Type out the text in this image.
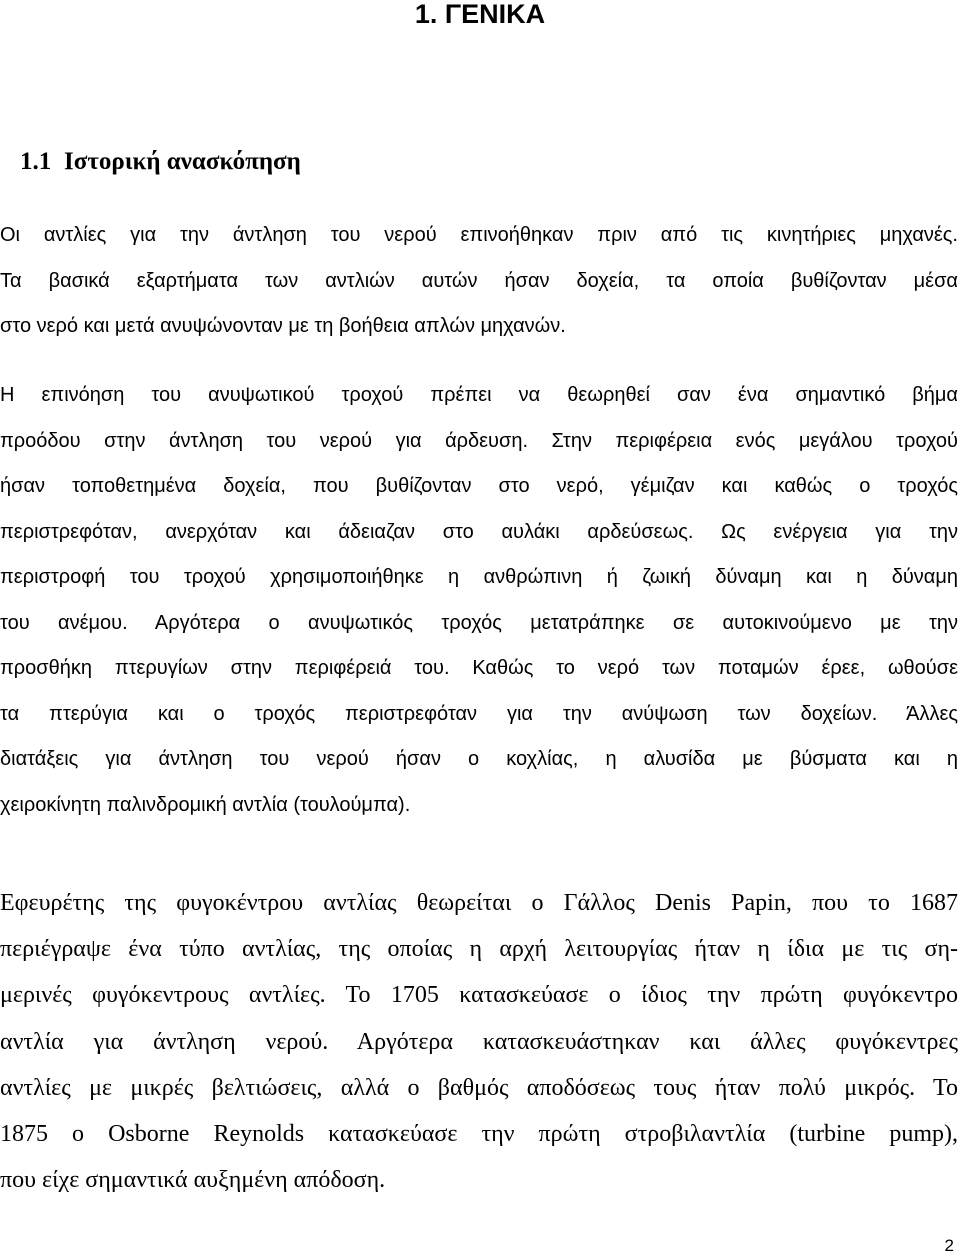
1. ΓΕΝΙΚΑ
1.1 Ιστορική ανασκόπηση

Οι αντλίες για την άντληση του νερού επινοήθηκαν πριν από τις κινητήριες μηχανές.
Τα βασικά εξαρτήματα των αντλιών αυτών ήσαν δοχεία, τα οποία βυθίζονταν μέσα
στο νερό και μετά ανυψώνονταν με τη βοήθεια απλών μηχανών.

Η επινόηση του ανυψωτικού τροχού πρέπει να θεωρηθεί σαν ένα σημαντικό βήμα
προόδου στην άντληση του νερού για άρδευση. Στην περιφέρεια ενός μεγάλου τροχού
ήσαν τοποθετημένα δοχεία, που βυθίζονταν στο νερό, γέμιζαν και καθώς ο τροχός
περιστρεφόταν, ανερχόταν και άδειαζαν στο αυλάκι αρδεύσεως. Ως ενέργεια για την
περιστροφή του τροχού χρησιμοποιήθηκε η ανθρώπινη ή ζωική δύναμη και η δύναμη
του ανέμου. Αργότερα ο ανυψωτικός τροχός μετατράπηκε σε αυτοκινούμενο με την
προσθήκη πτερυγίων στην περιφέρειά του. Καθώς το νερό των ποταμών έρεε, ωθούσε
τα πτερύγια και ο τροχός περιστρεφόταν για την ανύψωση των δοχείων. Άλλες
διατάξεις για άντληση του νερού ήσαν ο κοχλίας, η αλυσίδα με βύσματα και η
χειροκίνητη παλινδρομική αντλία (τουλούμπα).

Εφευρέτης της φυγοκέντρου αντλίας θεωρείται ο Γάλλος Denis Papin, που το 1687
περιέγραψε ένα τύπο αντλίας, της οποίας η αρχή λειτουργίας ήταν η ίδια με τις ση-
μερινές φυγόκεντρους αντλίες. Το 1705 κατασκεύασε ο ίδιος την πρώτη φυγόκεντρο
αντλία για άντληση νερού. Αργότερα κατασκευάστηκαν και άλλες φυγόκεντρες
αντλίες με μικρές βελτιώσεις, αλλά ο βαθμός αποδόσεως τους ήταν πολύ μικρός. Το
1875 ο Osborne Reynolds κατασκεύασε την πρώτη στροβιλαντλία (turbine pump),
που είχε σημαντικά αυξημένη απόδοση.

2
